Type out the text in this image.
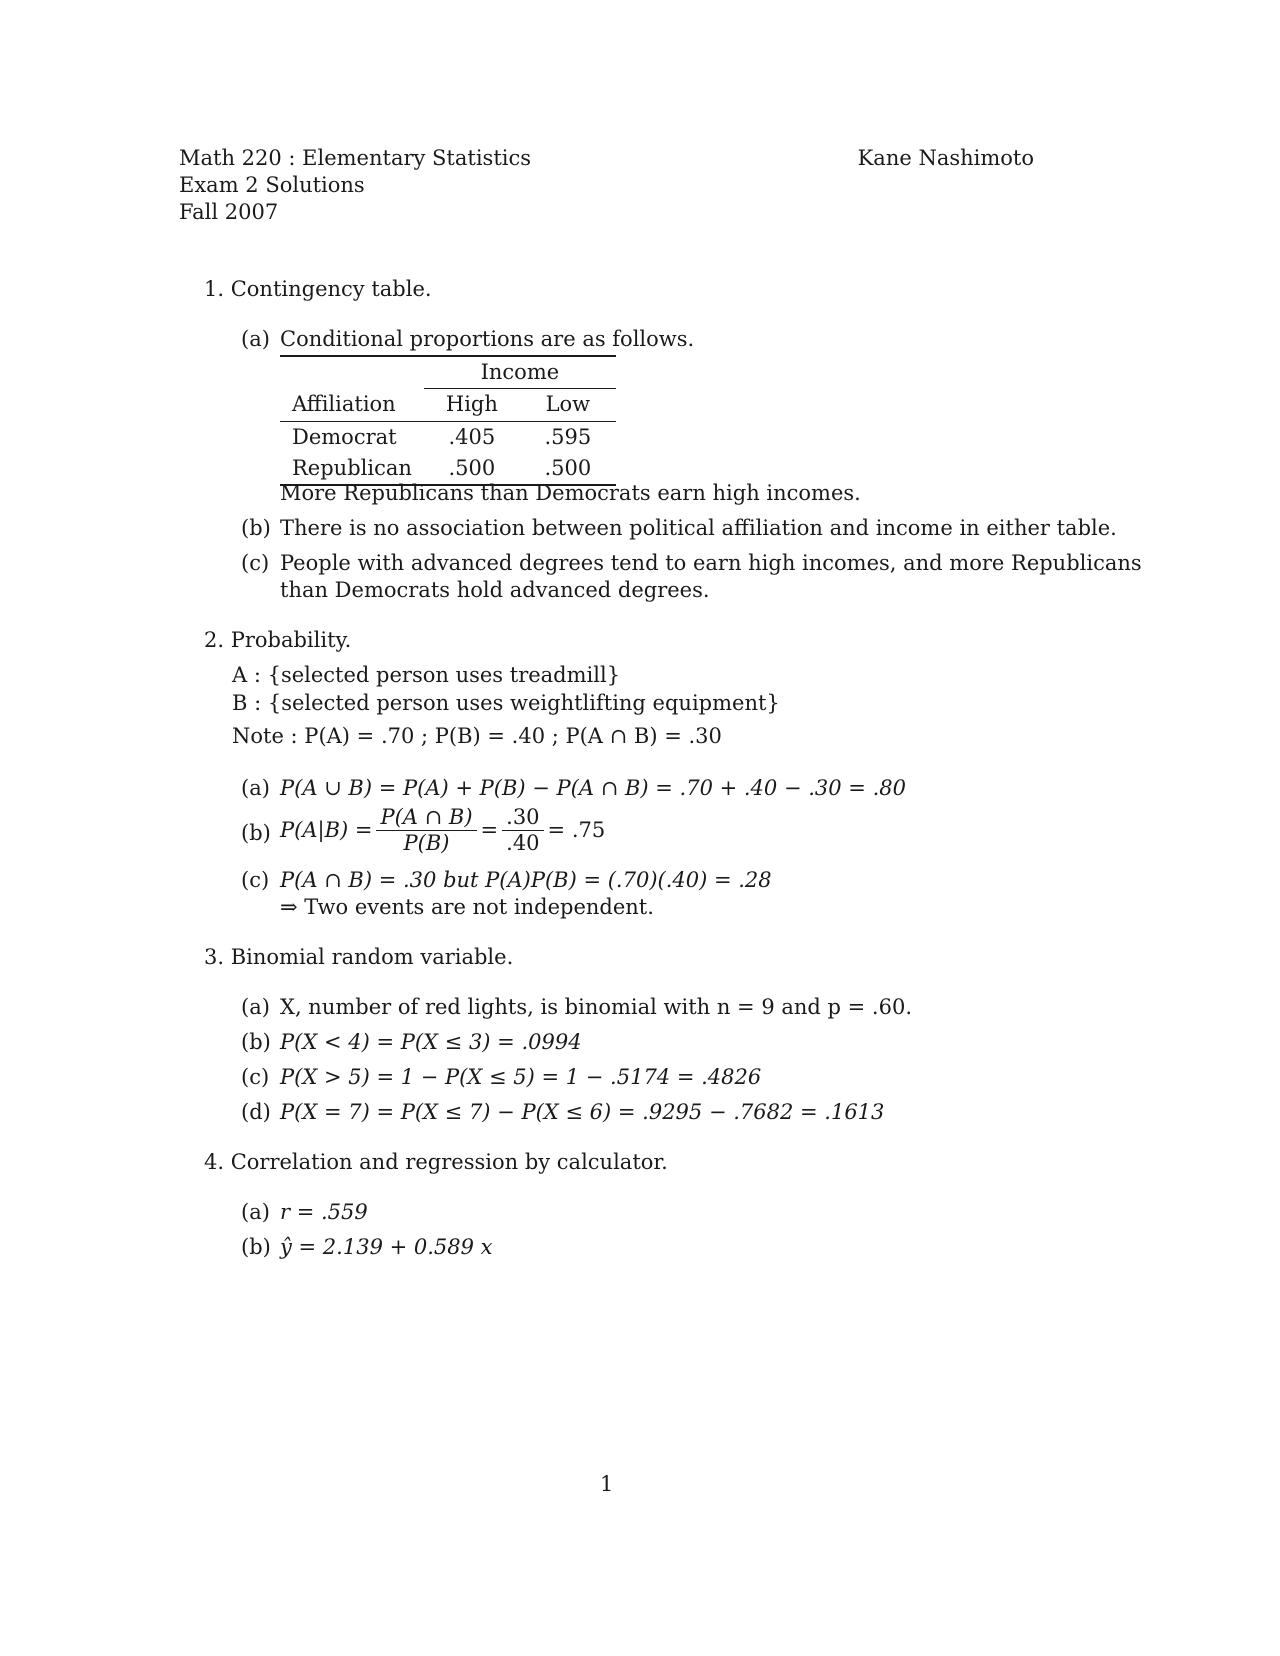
Math 220 : Elementary Statistics
Exam 2 Solutions
Fall 2007
Kane Nashimoto
1. Contingency table.
(a) Conditional proportions are as follows.
	Income	
Affiliation	High	Low
Democrat	.405	.595
Republican	.500	.500
More Republicans than Democrats earn high incomes.
(b) There is no association between political affiliation and income in either table.
(c) People with advanced degrees tend to earn high incomes, and more Republicans
than Democrats hold advanced degrees.
2. Probability.
A : {selected person uses treadmill}
B : {selected person uses weightlifting equipment}
Note : P(A) = .70 ; P(B) = .40 ; P(A ∩ B) = .30
(a) P(A ∪ B) = P(A) + P(B) − P(A ∩ B) = .70 + .40 − .30 = .80
(b) $P(A|B) = \frac{P(A \cap B)}{P(B)} = \frac{.30}{.40} = .75$
(c) P(A ∩ B) = .30 but P(A)P(B) = (.70)(.40) = .28
⇒ Two events are not independent.
3. Binomial random variable.
(a) X, number of red lights, is binomial with n = 9 and p = .60.
(b) P(X < 4) = P(X ≤ 3) = .0994
(c) P(X > 5) = 1 − P(X ≤ 5) = 1 − .5174 = .4826
(d) P(X = 7) = P(X ≤ 7) − P(X ≤ 6) = .9295 − .7682 = .1613
4. Correlation and regression by calculator.
(a) r = .559
(b) ŷ = 2.139 + 0.589 x
1
